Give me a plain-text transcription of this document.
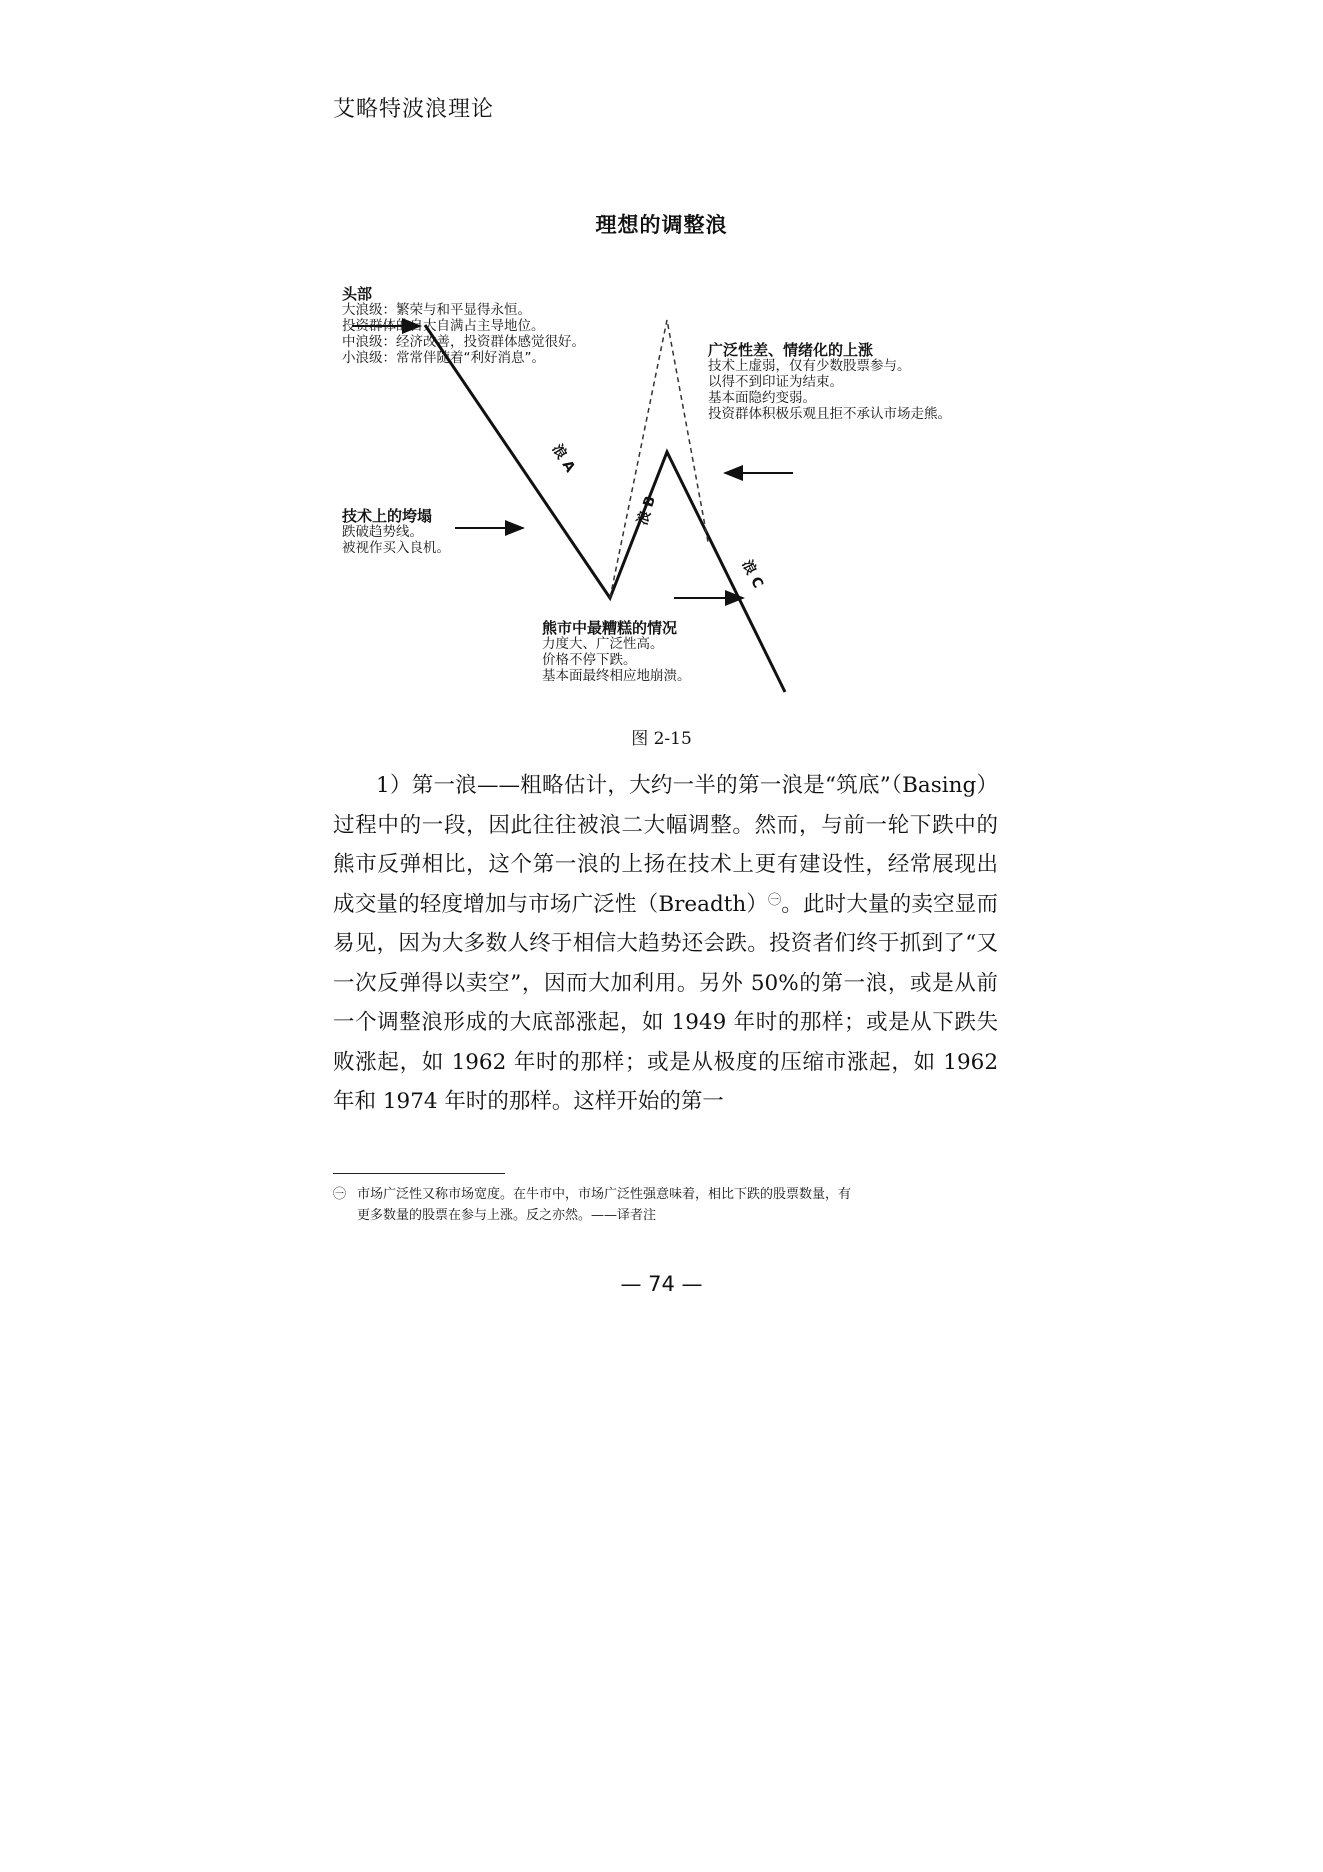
艾略特波浪理论
理想的调整浪
浪 A
浪 B
浪 C
头部
大浪级：繁荣与和平显得永恒。
投资群体的自大自满占主导地位。
中浪级：经济改善，投资群体感觉很好。
小浪级：常常伴随着“利好消息”。	广泛性差、情绪化的上涨
技术上虚弱，仅有少数股票参与。
以得不到印证为结束。
基本面隐约变弱。
投资群体积极乐观且拒不承认市场走熊。
技术上的垮塌
跌破趋势线。
被视作买入良机。
熊市中最糟糕的情况
力度大、广泛性高。
价格不停下跌。
基本面最终相应地崩溃。
图 2-15
1）第一浪——粗略估计，大约一半的第一浪是“筑底”（Basing）过程中的一段，因此往往被浪二大幅调整。然而，与前一轮下跌中的熊市反弹相比，这个第一浪的上扬在技术上更有建设性，经常展现出成交量的轻度增加与市场广泛性（Breadth）$^㊀$。此时大量的卖空显而易见，因为大多数人终于相信大趋势还会跌。投资者们终于抓到了“又一次反弹得以卖空”，因而大加利用。另外 50%的第一浪，或是从前一个调整浪形成的大底部涨起，如 1949 年时的那样；或是从下跌失败涨起，如 1962 年时的那样；或是从极度的压缩市涨起，如 1962 年和 1974 年时的那样。这样开始的第一
㊀ 市场广泛性又称市场宽度。在牛市中，市场广泛性强意味着，相比下跌的股票数量，有
更多数量的股票在参与上涨。反之亦然。——译者注
— 74 —
